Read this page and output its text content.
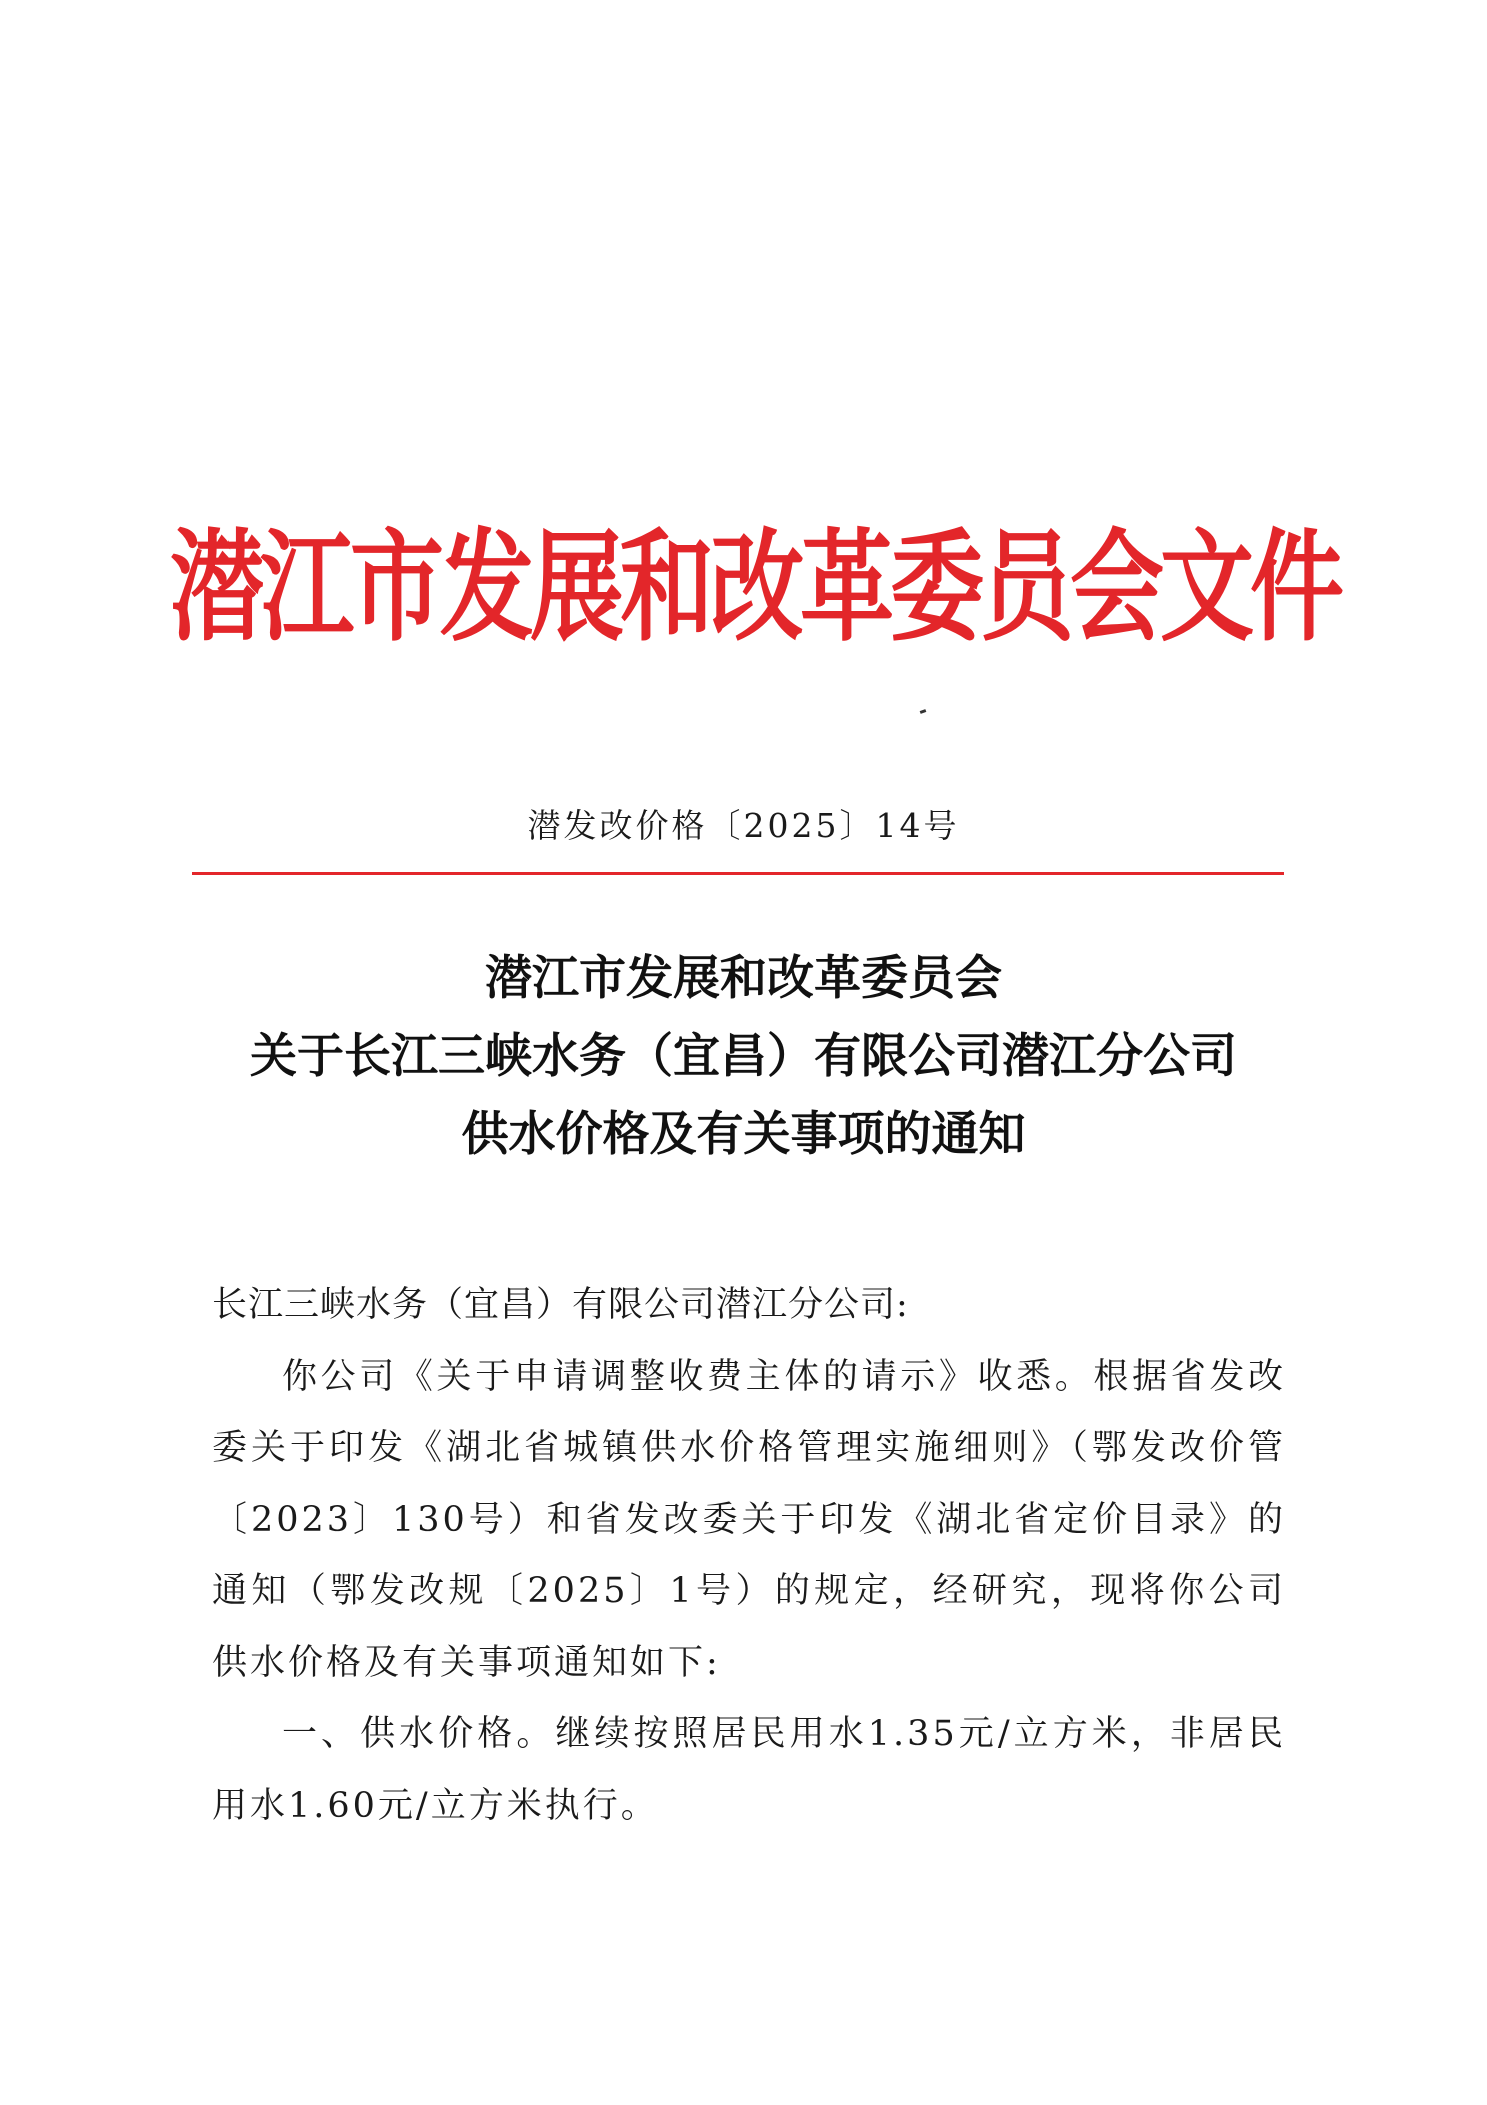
潜江市发展和改革委员会文件
潜发改价格〔2025〕14号
潜江市发展和改革委员会
关于长江三峡水务（宜昌）有限公司潜江分公司
供水价格及有关事项的通知
长江三峡水务（宜昌）有限公司潜江分公司:
你公司《关于申请调整收费主体的请示》收悉。根据省发改委关于印发《湖北省城镇供水价格管理实施细则》（鄂发改价管〔2023〕130号）和省发改委关于印发《湖北省定价目录》的通知（鄂发改规〔2025〕1号）的规定，经研究，现将你公司供水价格及有关事项通知如下:
一、供水价格。继续按照居民用水1.35元/立方米，非居民用水1.60元/立方米执行。
